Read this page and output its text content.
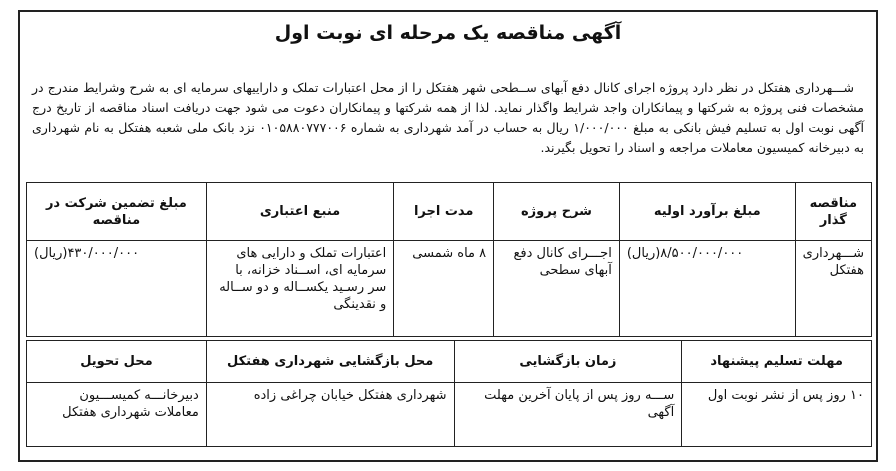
آگهی مناقصه یک مرحله ای نوبت اول
شـــهرداری هفتکل در نظر دارد پروژه اجرای کانال دفع آبهای ســطحی شهر هفتکل را از محل اعتبارات تملک و داراییهای سرمایه ای به شرح وشرایط مندرج در مشخصات فنی پروژه به شرکتها و پیمانکاران واجد شرایط واگذار نماید. لذا از همه شرکتها و پیمانکاران دعوت می شود جهت دریافت اسناد مناقصه از تاریخ درج آگهی نوبت اول به تسلیم فیش بانکی به مبلغ ۱/۰۰۰/۰۰۰ ریال به حساب در آمد شهرداری به شماره ۰۱۰۵۸۸۰۷۷۷۰۰۶ نزد بانک ملی شعبه هفتکل به نام شهرداری به دبیرخانه کمیسیون معاملات مراجعه و اسناد را تحویل بگیرند.
مناقصه گذار	مبلغ برآورد اولیه	شرح پروژه	مدت اجرا	منبع اعتباری	مبلغ تضمین شرکت در مناقصه
شـــهرداری هفتکل	۸/۵۰۰/۰۰۰/۰۰۰(ریال)	اجـــرای کانال دفع آبهای سطحی	۸ ماه شمسی	اعتبارات تملک و دارایی های سرمایه ای، اســناد خزانه، با سر رسـید یکســاله و دو ســاله و نقدینگی	۴۳۰/۰۰۰/۰۰۰(ریال)
مهلت تسلیم پیشنهاد	زمان بازگشایی	محل بازگشایی شهرداری هفتکل	محل تحویل
۱۰ روز پس از نشر نوبت اول	ســـه روز پس از پایان آخرین مهلت آگهی	شهرداری هفتکل خیابان چراغی زاده	دبیرخانـــه کمیســـیون معاملات شهرداری هفتکل
